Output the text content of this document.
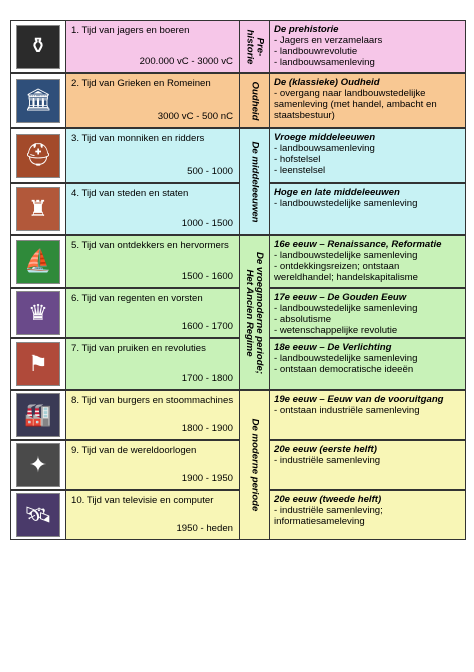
⚱
1. Tijd van jagers en boeren
200.000 vC - 3000 vC
De prehistorie
- Jagers en verzamelaars
- landbouwrevolutie
- landbouwsamenleving
🏛
2. Tijd van Grieken en Romeinen
3000 vC - 500 nC
De (klassieke) Oudheid
- overgang naar landbouwstedelijke samenleving (met handel, ambacht en staatsbestuur)
⛑
3. Tijd van monniken en ridders
500 - 1000
Vroege middeleeuwen
- landbouwsamenleving
- hofstelsel
- leenstelsel
♜
4. Tijd van steden en staten
1000 - 1500
Hoge en late middeleeuwen
- landbouwstedelijke samenleving
⛵
5. Tijd van ontdekkers en hervormers
1500 - 1600
16e eeuw – Renaissance, Reformatie
- landbouwstedelijke samenleving
- ontdekkingsreizen; ontstaan wereldhandel; handelskapitalisme
♛
6. Tijd van regenten en vorsten
1600 - 1700
17e eeuw – De Gouden Eeuw
- landbouwstedelijke samenleving
- absolutisme
- wetenschappelijke revolutie
⚑
7. Tijd van pruiken en revoluties
1700 - 1800
18e eeuw – De Verlichting
- landbouwstedelijke samenleving
- ontstaan democratische ideeën
🏭
8. Tijd van burgers en stoommachines
1800 - 1900
19e eeuw – Eeuw van de vooruitgang
- ontstaan industriële samenleving
✦
9. Tijd van de wereldoorlogen
1900 - 1950
20e eeuw (eerste helft)
- industriële samenleving
🛰
10. Tijd van televisie en computer
1950 - heden
20e eeuw (tweede helft)
- industriële samenleving; informatiesameleving
Pre-
historie
Oudheid
De middeleeuwen
De vroegmoderne periode;
Het Ancien Regime
De moderne periode
